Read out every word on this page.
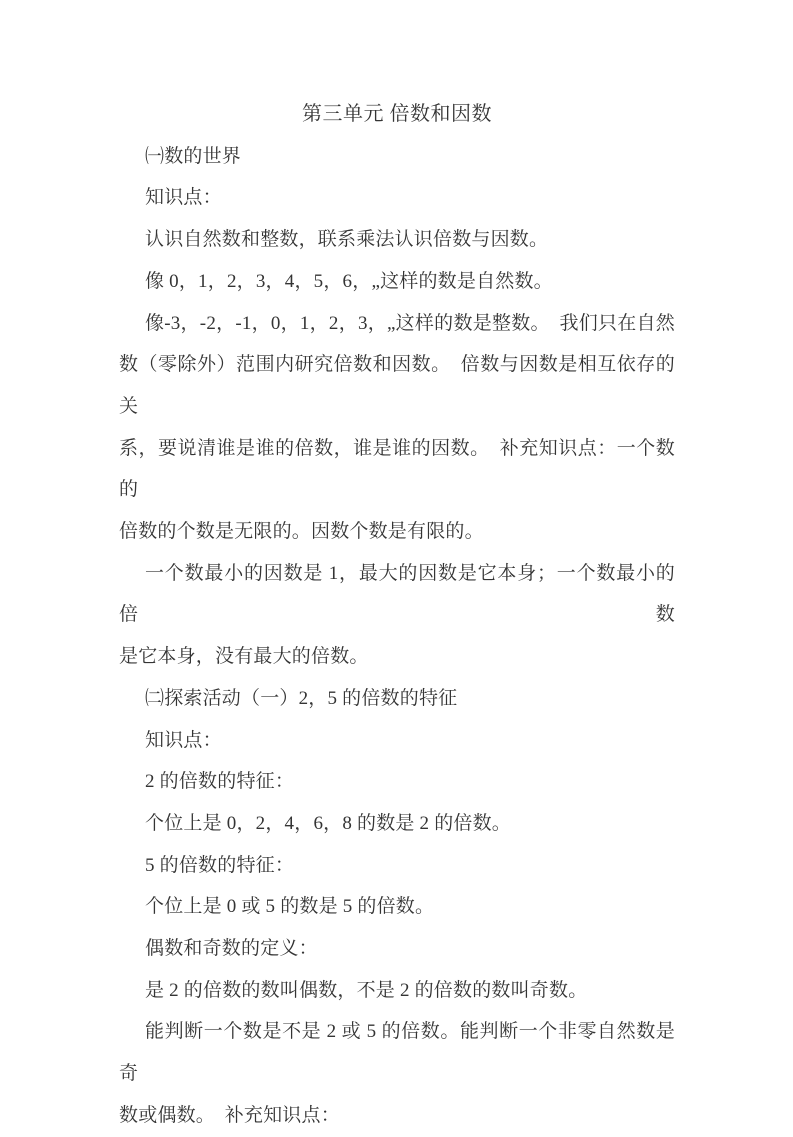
第三单元 倍数和因数
㈠数的世界
知识点：
认识自然数和整数，联系乘法认识倍数与因数。
像 0，1，2，3，4，5，6，„这样的数是自然数。
像-3，-2，-1，0，1，2，3，„这样的数是整数。　我们只在自然
数（零除外）范围内研究倍数和因数。　倍数与因数是相互依存的关
系，要说清谁是谁的倍数，谁是谁的因数。　补充知识点：一个数的
倍数的个数是无限的。因数个数是有限的。
一个数最小的因数是 1，最大的因数是它本身；一个数最小的倍数
是它本身，没有最大的倍数。
㈡探索活动（一）2，5 的倍数的特征
知识点：
2 的倍数的特征：
个位上是 0，2，4，6，8 的数是 2 的倍数。
5 的倍数的特征：
个位上是 0 或 5 的数是 5 的倍数。
偶数和奇数的定义：
是 2 的倍数的数叫偶数，不是 2 的倍数的数叫奇数。
能判断一个数是不是 2 或 5 的倍数。能判断一个非零自然数是奇
数或偶数。　补充知识点：
